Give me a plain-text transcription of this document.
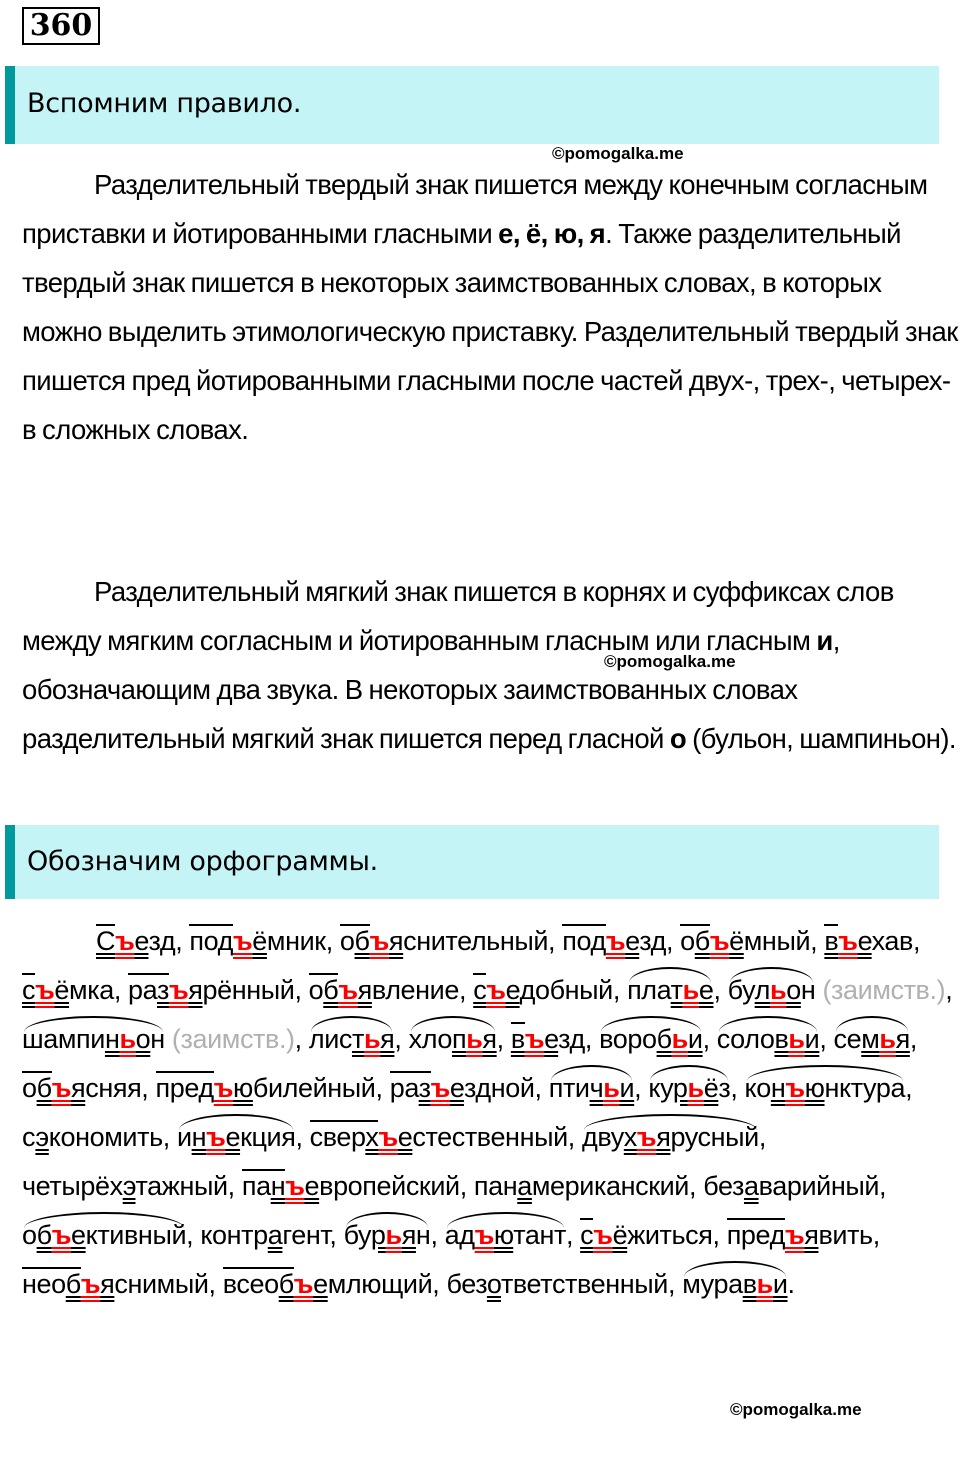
360
Вспомним правило.
©pomogalka.me
Разделительный твердый знак пишется между конечным согласным приставки и йотированными гласными е, ё, ю, я. Также разделительный твердый знак пишется в некоторых заимствованных словах, в которых можно выделить этимологическую приставку. Разделительный твердый знак пишется пред йотированными гласными после частей двух-, трех-, четырех- в сложных словах.
Разделительный мягкий знак пишется в корнях и суффиксах слов между мягким согласным и йотированным гласным или гласным и, обозначающим два звука. В некоторых заимствованных словах разделительный мягкий знак пишется перед гласной о (бульон, шампиньон).
©pomogalka.me
Обозначим орфограммы.
Съезд, подъёмник, объяснительный, подъезд, объёмный, въехав, съёмка, разъярённый, объявление, съедобный, платье, бульон (заимств.), шампиньон (заимств.), листья, хлопья, въезд, воробьи, соловьи, семья, объясняя, предъюбилейный, разъездной, птичьи, курьёз, конъюнктура, сэкономить, инъекция, сверхъестественный, двухъярусный, четырёхэтажный, панъевропейский, панамериканский, безаварийный, объективный, контрагент, бурьян, адъютант, съёжиться, предъявить, необъяснимый, всеобъемлющий, безответственный, муравьи.
©pomogalka.me
